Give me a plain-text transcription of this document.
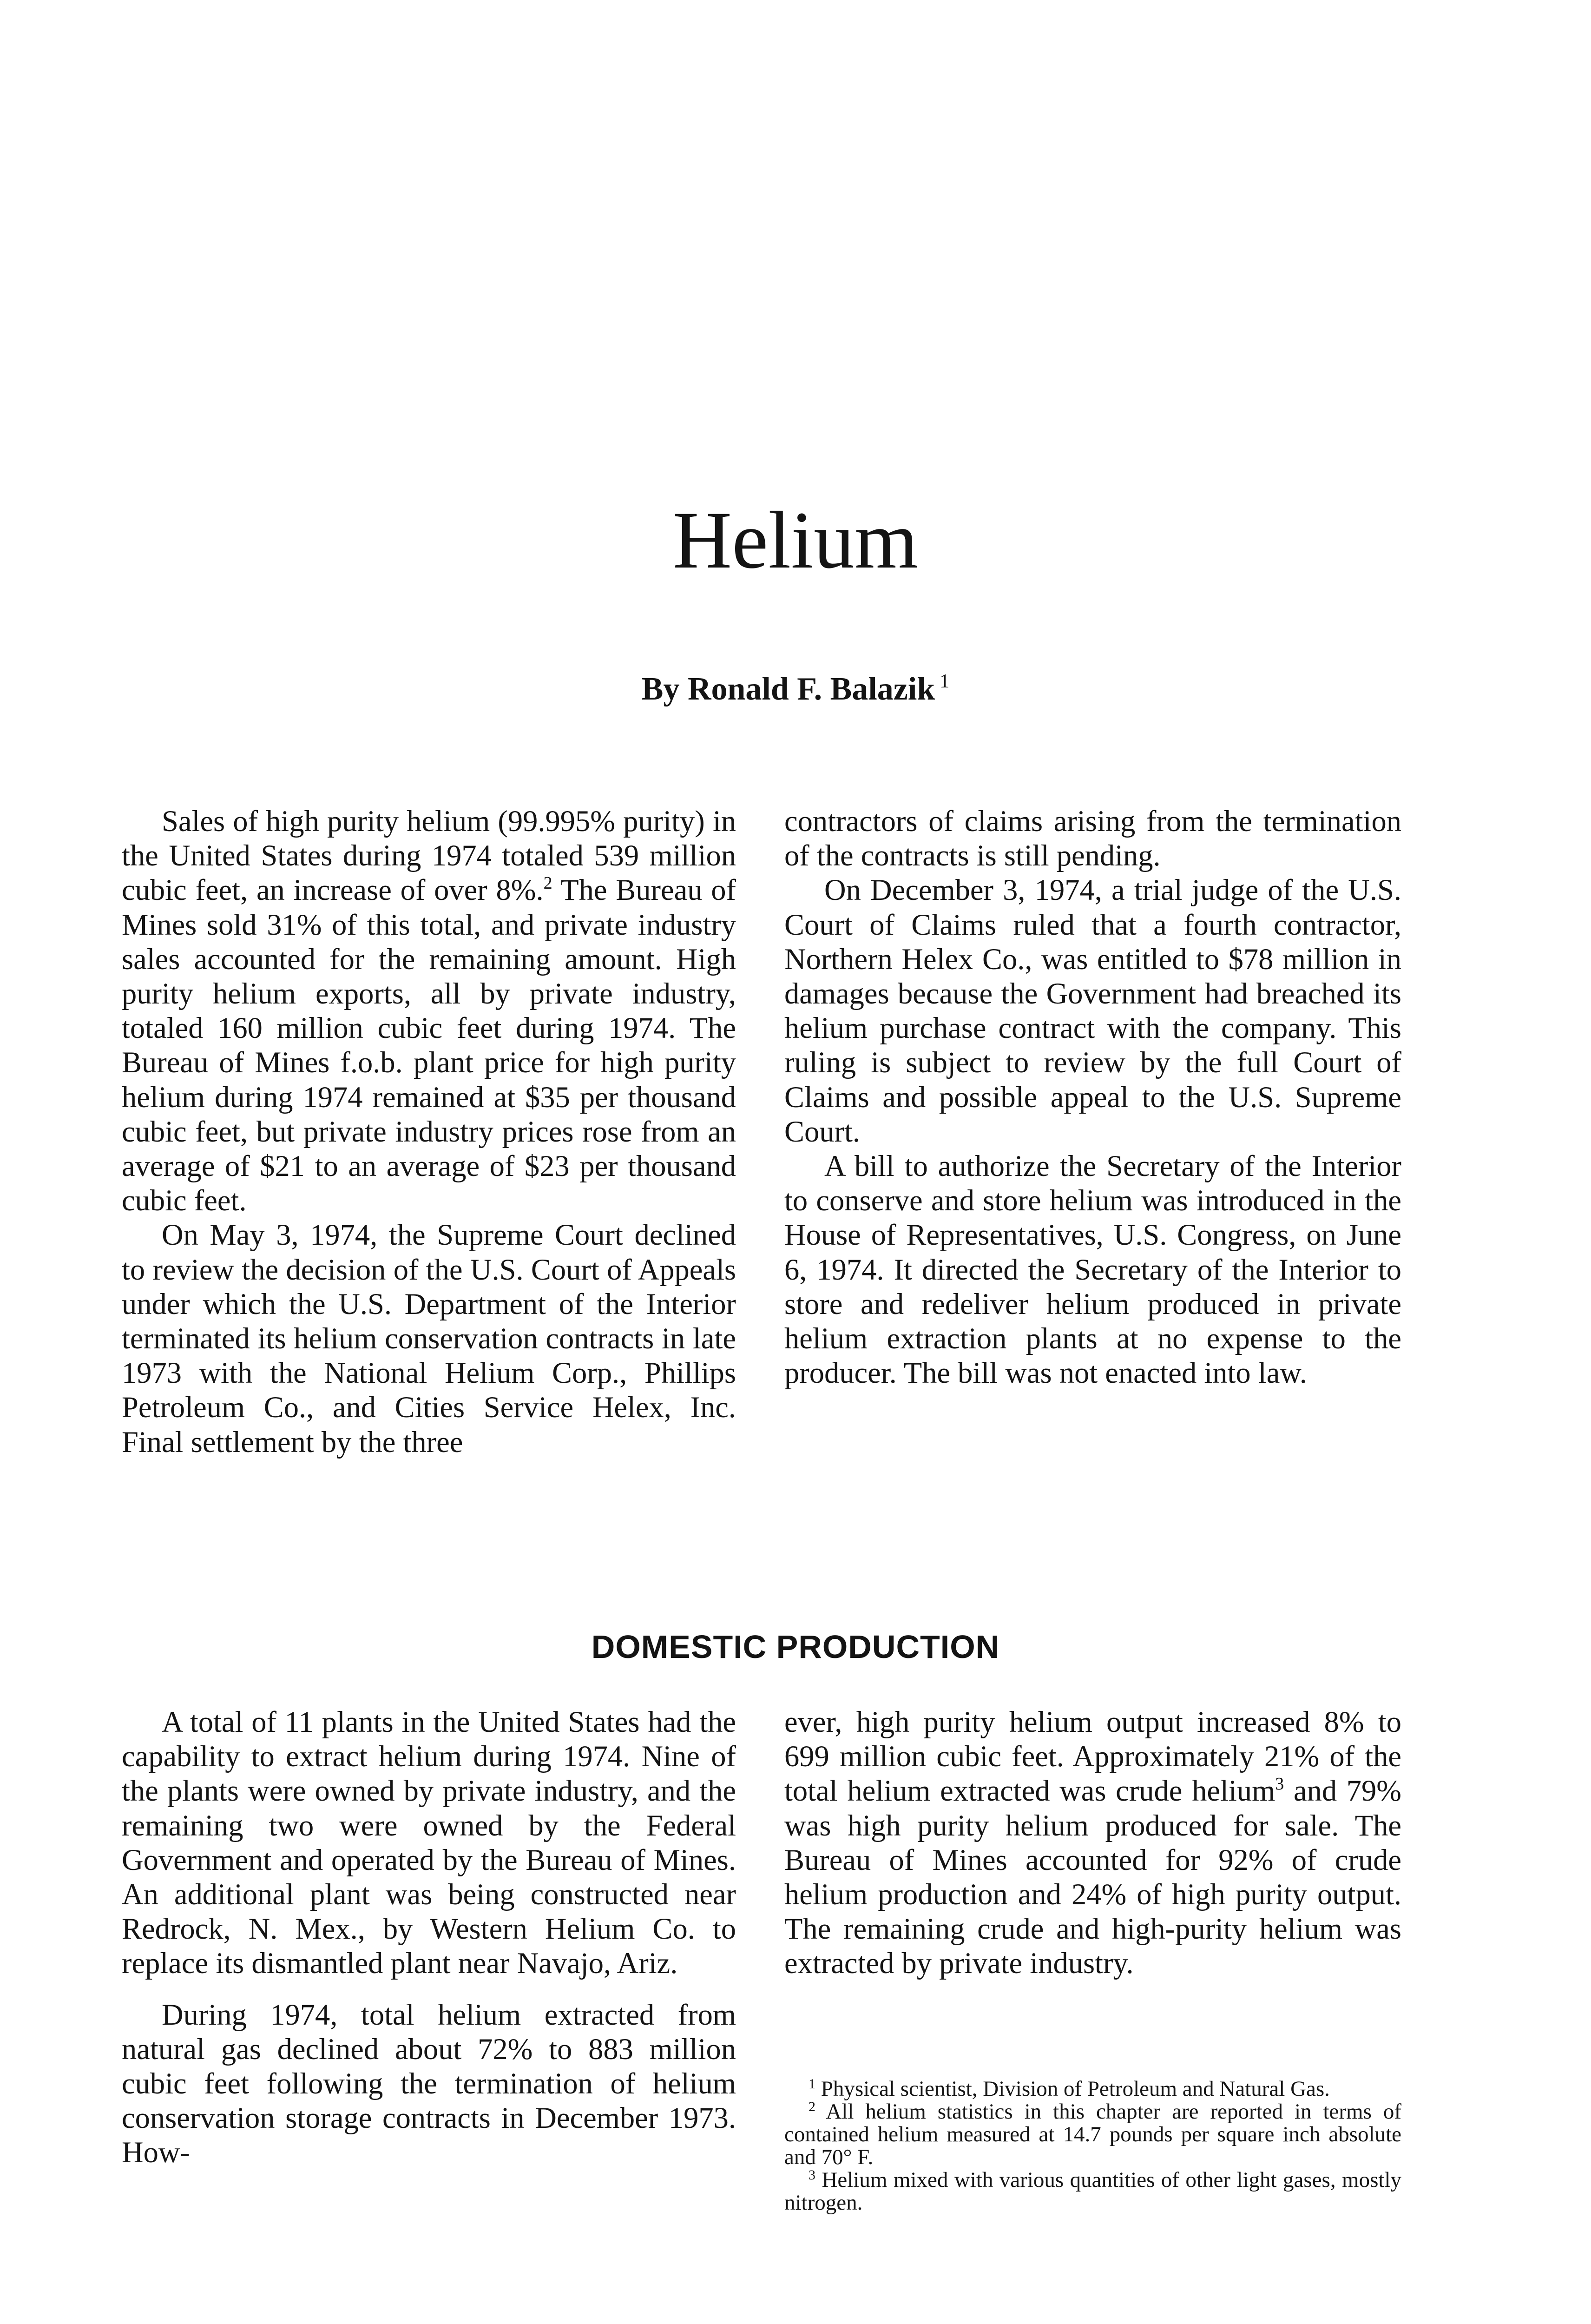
Helium
By Ronald F. Balazik $^1$

Sales of high purity helium (99.995% purity) in the United States during 1974 totaled 539 million cubic feet, an increase of over 8%.$^2$ The Bureau of Mines sold 31% of this total, and private industry sales accounted for the remaining amount. High purity helium exports, all by private industry, totaled 160 million cubic feet during 1974. The Bureau of Mines f.o.b. plant price for high purity helium during 1974 remained at $35 per thousand cubic feet, but private industry prices rose from an average of $21 to an average of $23 per thousand cubic feet.

On May 3, 1974, the Supreme Court declined to review the decision of the U.S. Court of Appeals under which the U.S. Department of the Interior terminated its helium conservation contracts in late 1973 with the National Helium Corp., Phillips Petroleum Co., and Cities Service Helex, Inc. Final settlement by the three

contractors of claims arising from the termination of the contracts is still pending.

On December 3, 1974, a trial judge of the U.S. Court of Claims ruled that a fourth contractor, Northern Helex Co., was entitled to $78 million in damages because the Government had breached its helium purchase contract with the company. This ruling is subject to review by the full Court of Claims and possible appeal to the U.S. Supreme Court.

A bill to authorize the Secretary of the Interior to conserve and store helium was introduced in the House of Representatives, U.S. Congress, on June 6, 1974. It directed the Secretary of the Interior to store and redeliver helium produced in private helium extraction plants at no expense to the producer. The bill was not enacted into law.

DOMESTIC PRODUCTION

A total of 11 plants in the United States had the capability to extract helium during 1974. Nine of the plants were owned by private industry, and the remaining two were owned by the Federal Government and operated by the Bureau of Mines. An additional plant was being constructed near Redrock, N. Mex., by Western Helium Co. to replace its dismantled plant near Navajo, Ariz.

During 1974, total helium extracted from natural gas declined about 72% to 883 million cubic feet following the termination of helium conservation storage contracts in December 1973. How-

ever, high purity helium output increased 8% to 699 million cubic feet. Approximately 21% of the total helium extracted was crude helium$^3$ and 79% was high purity helium produced for sale. The Bureau of Mines accounted for 92% of crude helium production and 24% of high purity output. The remaining crude and high-purity helium was extracted by private industry.

$^1$ Physical scientist, Division of Petroleum and Natural Gas.

$^2$ All helium statistics in this chapter are reported in terms of contained helium measured at 14.7 pounds per square inch absolute and 70° F.

$^3$ Helium mixed with various quantities of other light gases, mostly nitrogen.
